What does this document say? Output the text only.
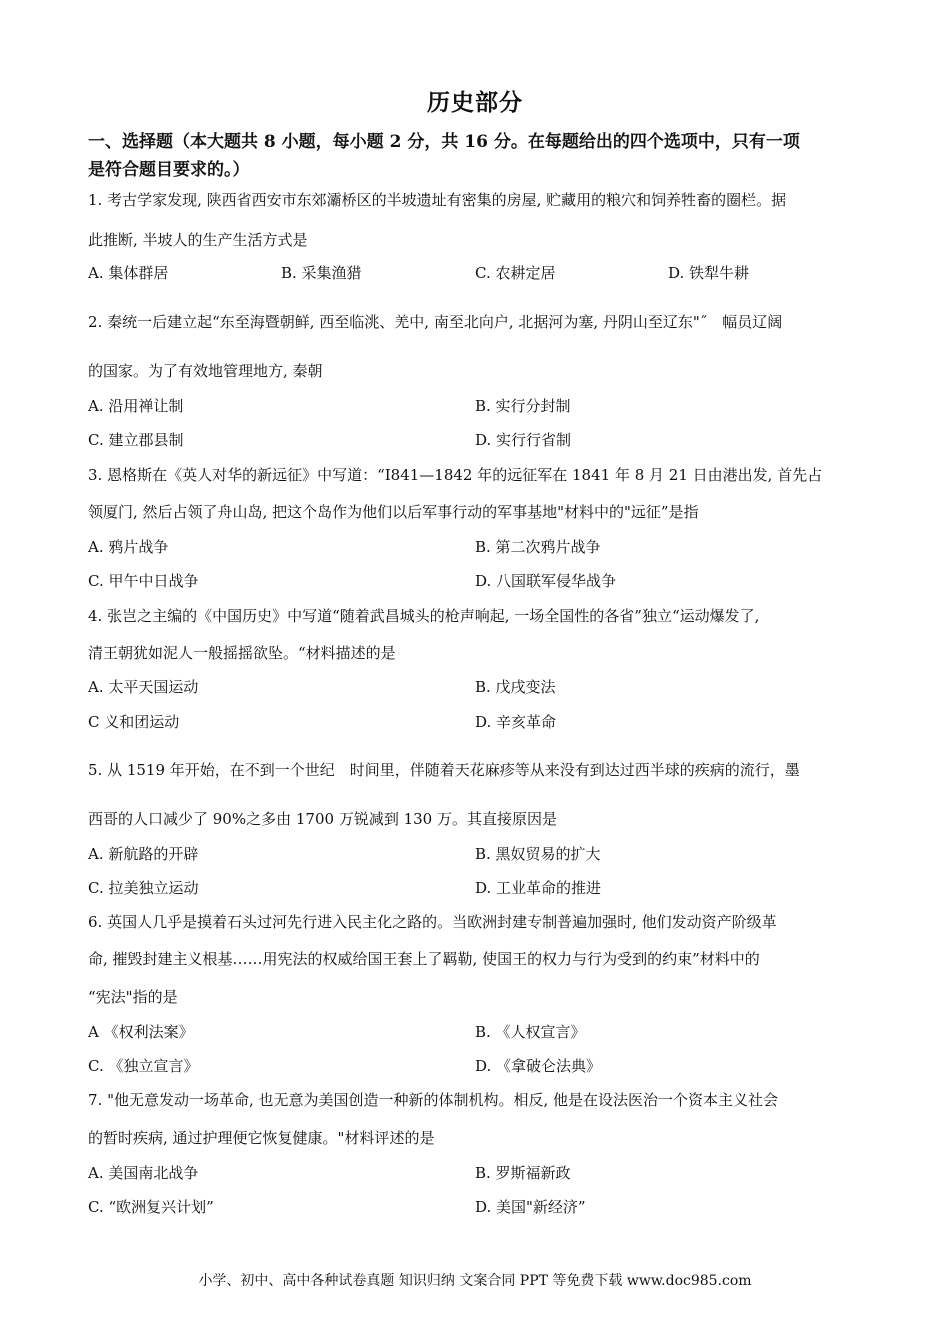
历史部分
一、选择题（本大题共 8 小题，每小题 2 分，共 16 分。在每题给出的四个选项中，只有一项
是符合题目要求的。）
1. 考古学家发现, 陕西省西安市东郊灞桥区的半坡遗址有密集的房屋, 贮藏用的粮穴和饲养牲畜的圈栏。据
此推断, 半坡人的生产生活方式是
A. 集体群居	B. 采集渔猎	C. 农耕定居	D. 铁犁牛耕
2. 秦统一后建立起“东至海暨朝鲜, 西至临洮、羌中, 南至北向户, 北据河为塞, 丹阴山至辽东"˝　幅员辽阔
的国家。为了有效地管理地方, 秦朝
A. 沿用禅让制	B. 实行分封制
C. 建立郡县制	D. 实行行省制
3. 恩格斯在《英人对华的新远征》中写道：“I841—1842 年的远征军在 1841 年 8 月 21 日由港出发, 首先占
领厦门, 然后占领了舟山岛, 把这个岛作为他们以后军事行动的军事基地"材料中的"远征”是指
A. 鸦片战争	B. 第二次鸦片战争
C. 甲午中日战争	D. 八国联军侵华战争
4. 张岂之主编的《中国历史》中写道“随着武昌城头的枪声响起, 一场全国性的各省”独立“运动爆发了,
清王朝犹如泥人一般摇摇欲坠。“材料描述的是
A. 太平天国运动	B. 戊戌变法
C 义和团运动	D. 辛亥革命
5. 从 1519 年开始，在不到一个世纪　时间里，伴随着天花麻疹等从来没有到达过西半球的疾病的流行，墨
西哥的人口减少了 90%之多由 1700 万锐减到 130 万。其直接原因是
A. 新航路的开辟	B. 黑奴贸易的扩大
C. 拉美独立运动	D. 工业革命的推进
6. 英国人几乎是摸着石头过河先行进入民主化之路的。当欧洲封建专制普遍加强时, 他们发动资产阶级革
命, 摧毁封建主义根基……用宪法的权威给国王套上了羁勒, 使国王的权力与行为受到的约束”材料中的
“宪法"指的是
A 《权利法案》	B. 《人权宣言》
C. 《独立宣言》	D. 《拿破仑法典》
7. "他无意发动一场革命, 也无意为美国创造一种新的体制机构。相反, 他是在设法医治一个资本主义社会
的暂时疾病, 通过护理便它恢复健康。"材料评述的是
A. 美国南北战争	B. 罗斯福新政
C. “欧洲复兴计划”	D. 美国"新经济”
小学、初中、高中各种试卷真题 知识归纳 文案合同 PPT 等免费下载 www.doc985.com
